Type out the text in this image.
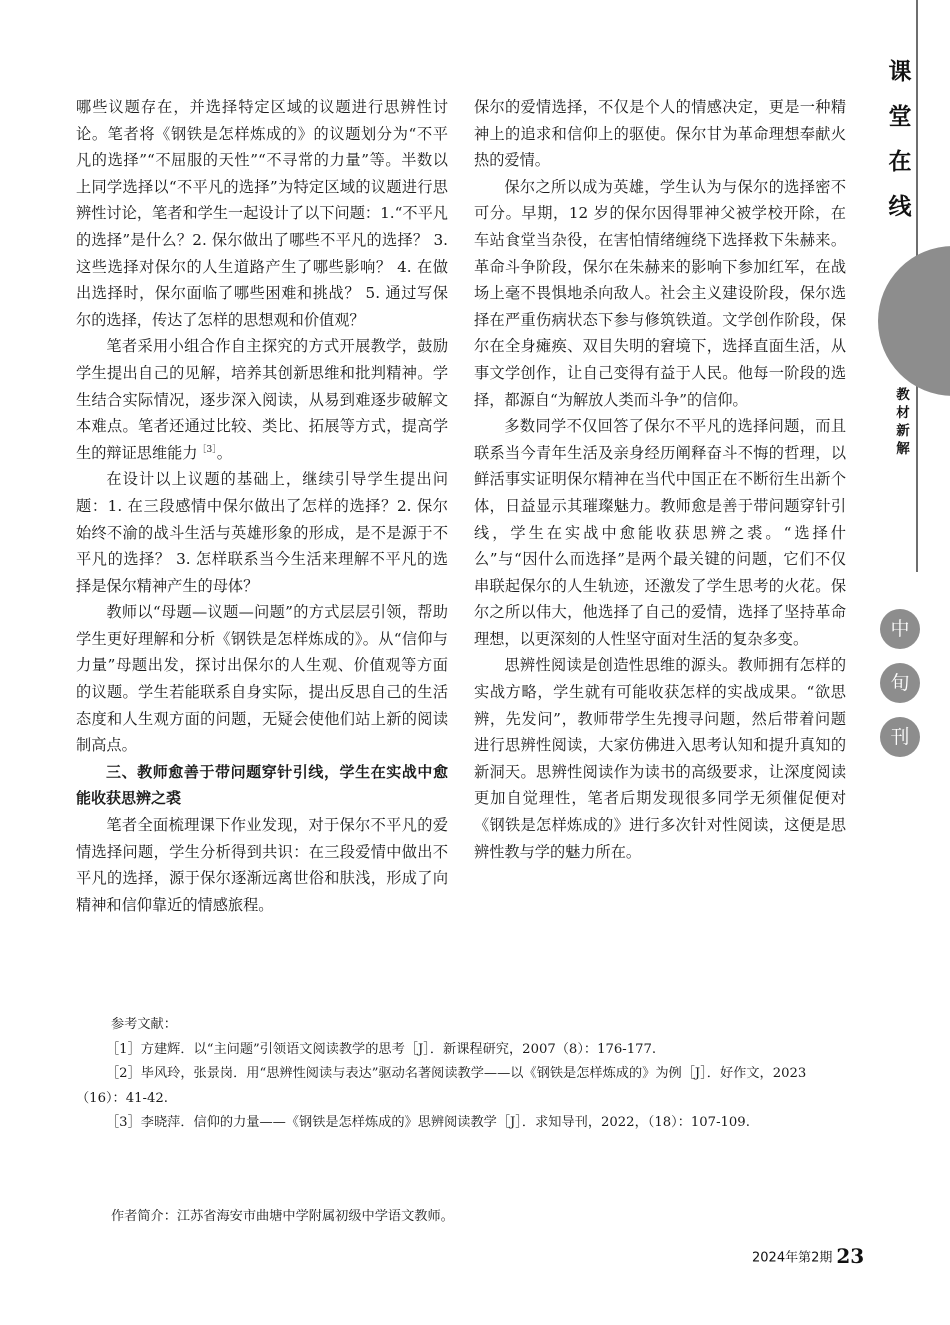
课
堂
在
线
教
材
新
解
中
旬
刊

哪些议题存在，并选择特定区域的议题进行思辨性讨论。笔者将《钢铁是怎样炼成的》的议题划分为“不平凡的选择”“不屈服的天性”“不寻常的力量”等。半数以上同学选择以“不平凡的选择”为特定区域的议题进行思辨性讨论，笔者和学生一起设计了以下问题：1.“不平凡的选择”是什么？2. 保尔做出了哪些不平凡的选择？ 3. 这些选择对保尔的人生道路产生了哪些影响？ 4. 在做出选择时，保尔面临了哪些困难和挑战？ 5. 通过写保尔的选择，传达了怎样的思想观和价值观？

笔者采用小组合作自主探究的方式开展教学，鼓励学生提出自己的见解，培养其创新思维和批判精神。学生结合实际情况，逐步深入阅读，从易到难逐步破解文本难点。笔者还通过比较、类比、拓展等方式，提高学生的辩证思维能力$^{[3]}$。

在设计以上议题的基础上，继续引导学生提出问题：1. 在三段感情中保尔做出了怎样的选择？2. 保尔始终不渝的战斗生活与英雄形象的形成，是不是源于不平凡的选择？ 3. 怎样联系当今生活来理解不平凡的选择是保尔精神产生的母体？

教师以“母题—议题—问题”的方式层层引领，帮助学生更好理解和分析《钢铁是怎样炼成的》。从“信仰与力量”母题出发，探讨出保尔的人生观、价值观等方面的议题。学生若能联系自身实际，提出反思自己的生活态度和人生观方面的问题，无疑会使他们站上新的阅读制高点。

三、教师愈善于带问题穿针引线，学生在实战中愈能收获思辨之裘

笔者全面梳理课下作业发现，对于保尔不平凡的爱情选择问题，学生分析得到共识：在三段爱情中做出不平凡的选择，源于保尔逐渐远离世俗和肤浅，形成了向精神和信仰靠近的情感旅程。

保尔的爱情选择，不仅是个人的情感决定，更是一种精神上的追求和信仰上的驱使。保尔甘为革命理想奉献火热的爱情。

保尔之所以成为英雄，学生认为与保尔的选择密不可分。早期，12 岁的保尔因得罪神父被学校开除，在车站食堂当杂役，在害怕情绪缠绕下选择救下朱赫来。革命斗争阶段，保尔在朱赫来的影响下参加红军，在战场上毫不畏惧地杀向敌人。社会主义建设阶段，保尔选择在严重伤病状态下参与修筑铁道。文学创作阶段，保尔在全身瘫痪、双目失明的窘境下，选择直面生活，从事文学创作，让自己变得有益于人民。他每一阶段的选择，都源自“为解放人类而斗争”的信仰。

多数同学不仅回答了保尔不平凡的选择问题，而且联系当今青年生活及亲身经历阐释奋斗不悔的哲理，以鲜活事实证明保尔精神在当代中国正在不断衍生出新个体，日益显示其璀璨魅力。教师愈是善于带问题穿针引线，学生在实战中愈能收获思辨之裘。“选择什么”与“因什么而选择”是两个最关键的问题，它们不仅串联起保尔的人生轨迹，还激发了学生思考的火花。保尔之所以伟大，他选择了自己的爱情，选择了坚持革命理想，以更深刻的人性坚守面对生活的复杂多变。

思辨性阅读是创造性思维的源头。教师拥有怎样的实战方略，学生就有可能收获怎样的实战成果。“欲思辨，先发问”，教师带学生先搜寻问题，然后带着问题进行思辨性阅读，大家仿佛进入思考认知和提升真知的新洞天。思辨性阅读作为读书的高级要求，让深度阅读更加自觉理性，笔者后期发现很多同学无须催促便对《钢铁是怎样炼成的》进行多次针对性阅读，这便是思辨性教与学的魅力所在。

参考文献：

［1］方建辉．以“主问题”引领语文阅读教学的思考［J］．新课程研究，2007（8）：176-177.

［2］毕风玲，张景岗．用“思辨性阅读与表达”驱动名著阅读教学——以《钢铁是怎样炼成的》为例［J］．好作文，2023（16）：41-42.

［3］李晓萍．信仰的力量——《钢铁是怎样炼成的》思辨阅读教学［J］．求知导刊，2022，（18）：107-109.

作者简介：江苏省海安市曲塘中学附属初级中学语文教师。
2024年第2期 23
